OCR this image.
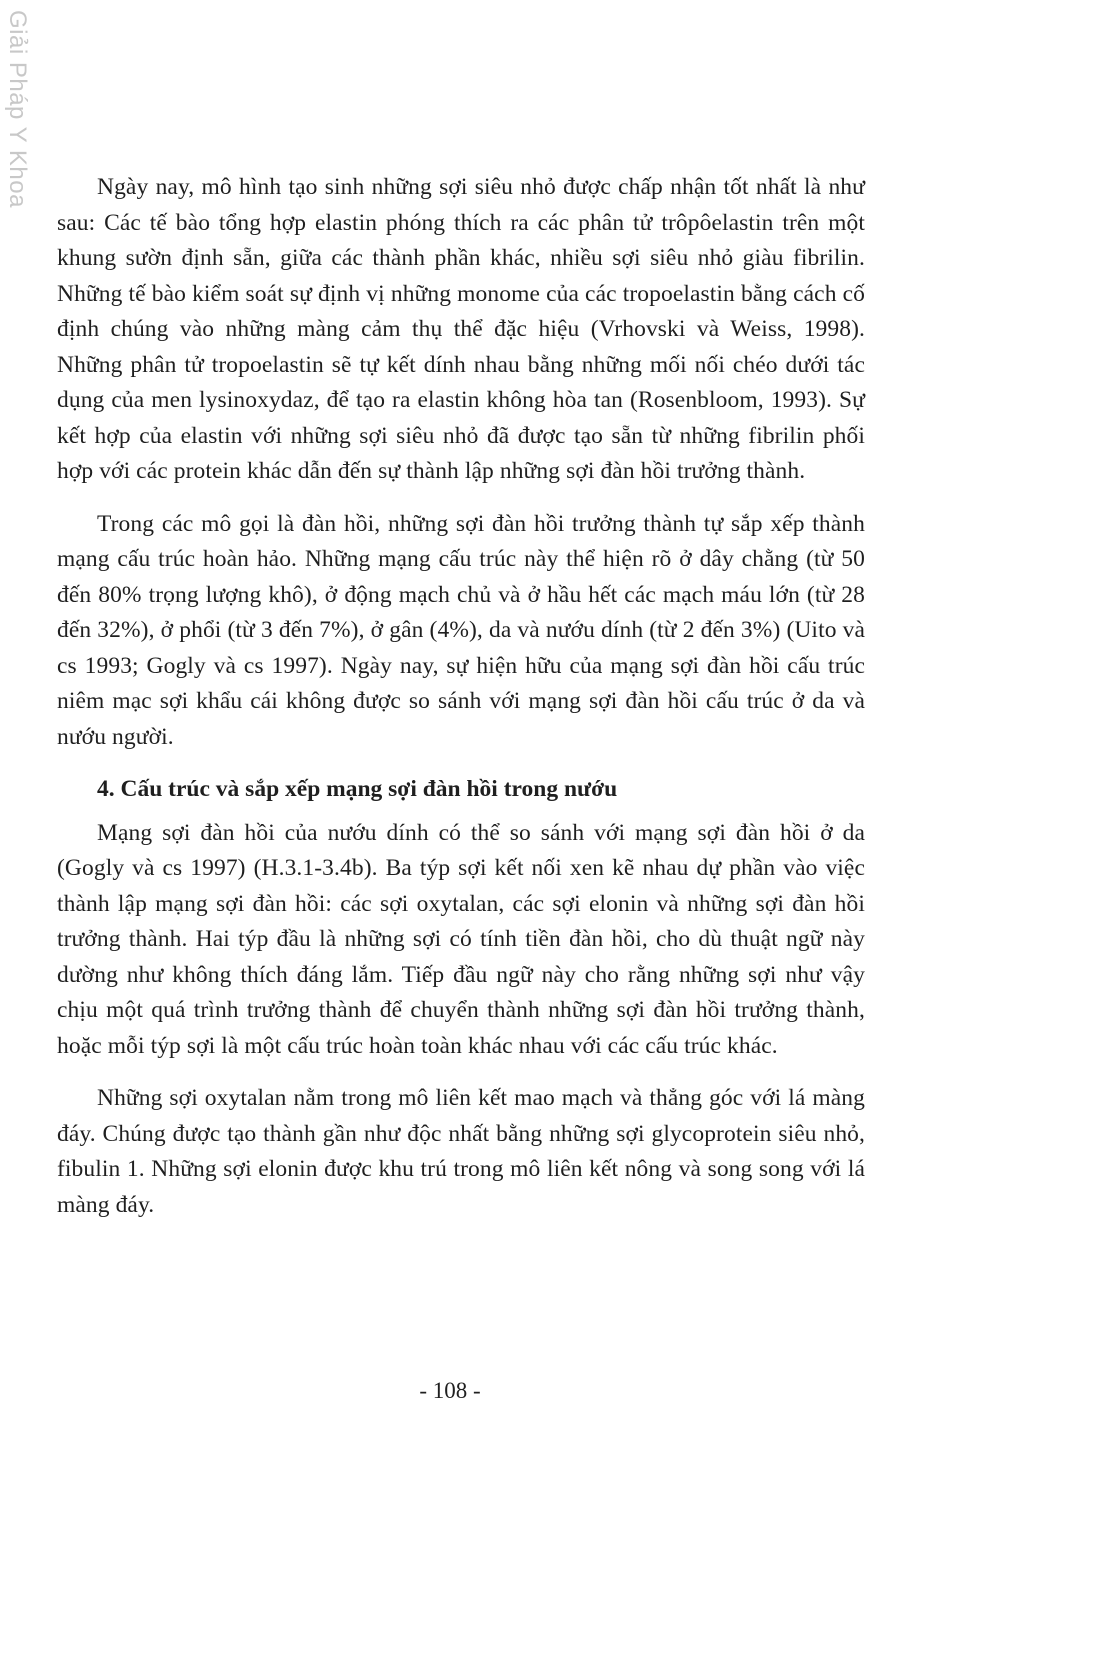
Giải Pháp Y Khoa	Ngày nay, mô hình tạo sinh những sợi siêu nhỏ được chấp nhận tốt nhất là như sau: Các tế bào tổng hợp elastin phóng thích ra các phân tử trôpôelastin trên một khung sườn định sẵn, giữa các thành phần khác, nhiều sợi siêu nhỏ giàu fibrilin. Những tế bào kiểm soát sự định vị những monome của các tropoelastin bằng cách cố định chúng vào những màng cảm thụ thể đặc hiệu (Vrhovski và Weiss, 1998). Những phân tử tropoelastin sẽ tự kết dính nhau bằng những mối nối chéo dưới tác dụng của men lysinoxydaz, để tạo ra elastin không hòa tan (Rosenbloom, 1993). Sự kết hợp của elastin với những sợi siêu nhỏ đã được tạo sẵn từ những fibrilin phối hợp với các protein khác dẫn đến sự thành lập những sợi đàn hồi trưởng thành.

Trong các mô gọi là đàn hồi, những sợi đàn hồi trưởng thành tự sắp xếp thành mạng cấu trúc hoàn hảo. Những mạng cấu trúc này thể hiện rõ ở dây chằng (từ 50 đến 80% trọng lượng khô), ở động mạch chủ và ở hầu hết các mạch máu lớn (từ 28 đến 32%), ở phổi (từ 3 đến 7%), ở gân (4%), da và nướu dính (từ 2 đến 3%) (Uito và cs 1993; Gogly và cs 1997). Ngày nay, sự hiện hữu của mạng sợi đàn hồi cấu trúc niêm mạc sợi khẩu cái không được so sánh với mạng sợi đàn hồi cấu trúc ở da và nướu người.

4. Cấu trúc và sắp xếp mạng sợi đàn hồi trong nướu

Mạng sợi đàn hồi của nướu dính có thể so sánh với mạng sợi đàn hồi ở da (Gogly và cs 1997) (H.3.1-3.4b). Ba týp sợi kết nối xen kẽ nhau dự phần vào việc thành lập mạng sợi đàn hồi: các sợi oxytalan, các sợi elonin và những sợi đàn hồi trưởng thành. Hai týp đầu là những sợi có tính tiền đàn hồi, cho dù thuật ngữ này dường như không thích đáng lắm. Tiếp đầu ngữ này cho rằng những sợi như vậy chịu một quá trình trưởng thành để chuyển thành những sợi đàn hồi trưởng thành, hoặc mỗi týp sợi là một cấu trúc hoàn toàn khác nhau với các cấu trúc khác.

Những sợi oxytalan nằm trong mô liên kết mao mạch và thẳng góc với lá màng đáy. Chúng được tạo thành gần như độc nhất bằng những sợi glycoprotein siêu nhỏ, fibulin 1. Những sợi elonin được khu trú trong mô liên kết nông và song song với lá màng đáy.

- 108 -
